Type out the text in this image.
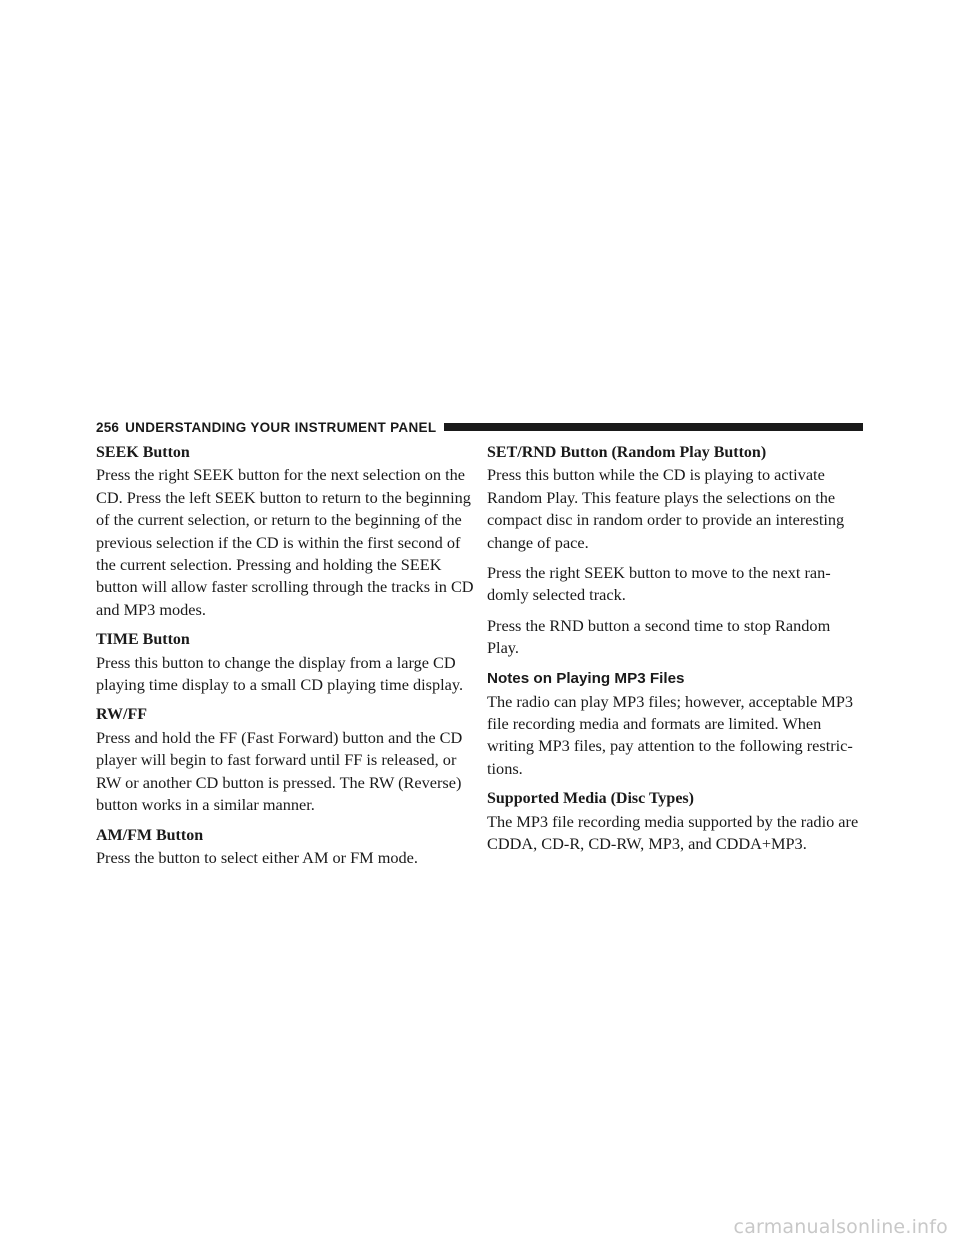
256 UNDERSTANDING YOUR INSTRUMENT PANEL
SEEK Button

Press the right SEEK button for the next selection on the CD. Press the left SEEK button to return to the beginning of the current selection, or return to the beginning of the previous selection if the CD is within the first second of the current selection. Pressing and holding the SEEK button will allow faster scrolling through the tracks in CD and MP3 modes.

TIME Button

Press this button to change the display from a large CD playing time display to a small CD playing time display.

RW/FF

Press and hold the FF (Fast Forward) button and the CD player will begin to fast forward until FF is released, or RW or another CD button is pressed. The RW (Reverse) button works in a similar manner.

AM/FM Button

Press the button to select either AM or FM mode.

SET/RND Button (Random Play Button)

Press this button while the CD is playing to activate Random Play. This feature plays the selections on the compact disc in random order to provide an interesting change of pace.

Press the right SEEK button to move to the next ran-domly selected track.

Press the RND button a second time to stop Random Play.

Notes on Playing MP3 Files

The radio can play MP3 files; however, acceptable MP3 file recording media and formats are limited. When writing MP3 files, pay attention to the following restric-tions.

Supported Media (Disc Types)

The MP3 file recording media supported by the radio are CDDA, CD-R, CD-RW, MP3, and CDDA+MP3.

carmanualsonline.info
